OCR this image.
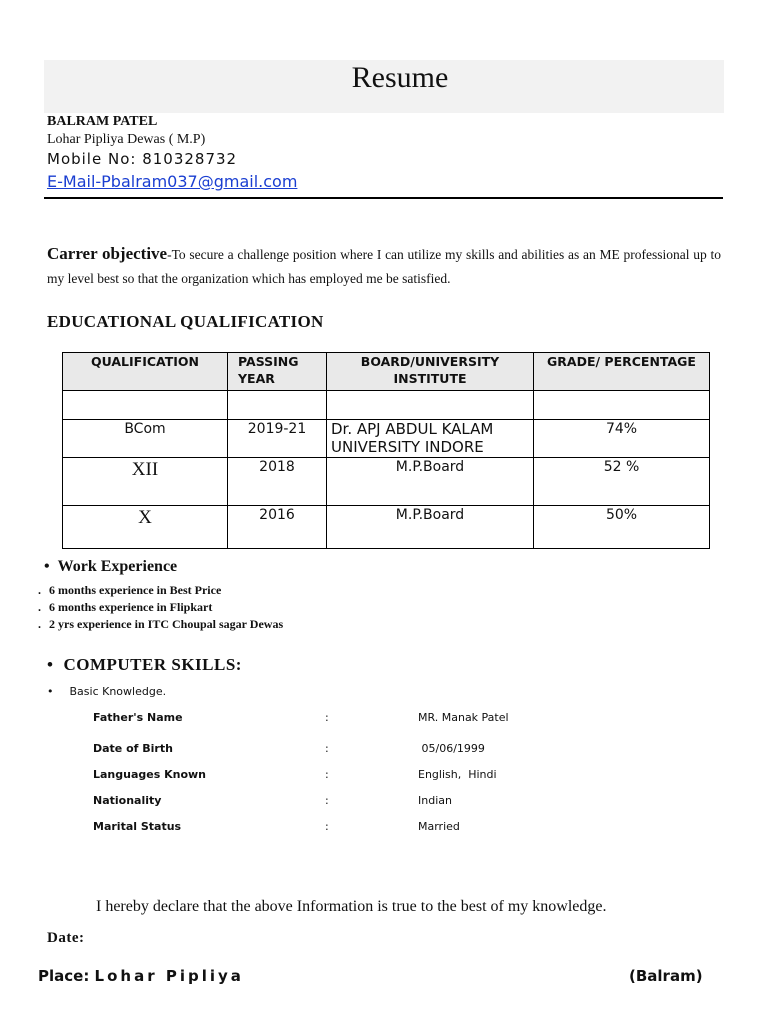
Resume
BALRAM PATEL
Lohar Pipliya Dewas ( M.P)
Mobile No: 810328732
E-Mail-Pbalram037@gmail.com
Carrer objective-To secure a challenge position where I can utilize my skills and abilities as an ME professional up to my level best so that the organization which has employed me be satisfied.
EDUCATIONAL QUALIFICATION
QUALIFICATION	PASSING YEAR	BOARD/UNIVERSITY INSTITUTE	GRADE/ PERCENTAGE

BCom	2019-21	Dr. APJ ABDUL KALAM UNIVERSITY INDORE	74%
XII	2018	M.P.Board	52 %
X	2016	M.P.Board	50%
• Work Experience
. 6 months experience in Best Price
. 6 months experience in Flipkart
. 2 yrs experience in ITC Choupal sagar Dewas
• COMPUTER SKILLS:
• Basic Knowledge.
Father's Name	:	MR. Manak Patel
Date of Birth	:	05/06/1999
Languages Known	:	English,  Hindi
Nationality	:	Indian
Marital Status	:	Married
I hereby declare that the above Information is true to the best of my knowledge.
Date:
Place: Lohar Pipliya	(Balram)
